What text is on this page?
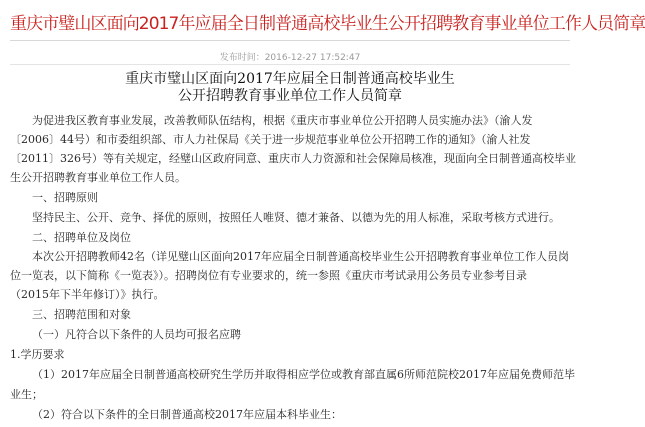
重庆市璧山区面向2017年应届全日制普通高校毕业生公开招聘教育事业单位工作人员简章
发布时间：2016-12-27 17:52:47
重庆市璧山区面向2017年应届全日制普通高校毕业生
公开招聘教育事业单位工作人员简章
为促进我区教育事业发展，改善教师队伍结构，根据《重庆市事业单位公开招聘人员实施办法》（渝人发
〔2006〕44号）和市委组织部、市人力社保局《关于进一步规范事业单位公开招聘工作的通知》（渝人社发
〔2011〕326号）等有关规定，经璧山区政府同意、重庆市人力资源和社会保障局核准，现面向全日制普通高校毕业
生公开招聘教育事业单位工作人员。
一、招聘原则
坚持民主、公开、竞争、择优的原则，按照任人唯贤、德才兼备、以德为先的用人标准，采取考核方式进行。
二、招聘单位及岗位
本次公开招聘教师42名（详见璧山区面向2017年应届全日制普通高校毕业生公开招聘教育事业单位工作人员岗
位一览表，以下简称《一览表》）。招聘岗位有专业要求的，统一参照《重庆市考试录用公务员专业参考目录
（2015年下半年修订）》执行。
三、招聘范围和对象
（一）凡符合以下条件的人员均可报名应聘
1.学历要求
（1）2017年应届全日制普通高校研究生学历并取得相应学位或教育部直属6所师范院校2017年应届免费师范毕
业生；
（2）符合以下条件的全日制普通高校2017年应届本科毕业生：
